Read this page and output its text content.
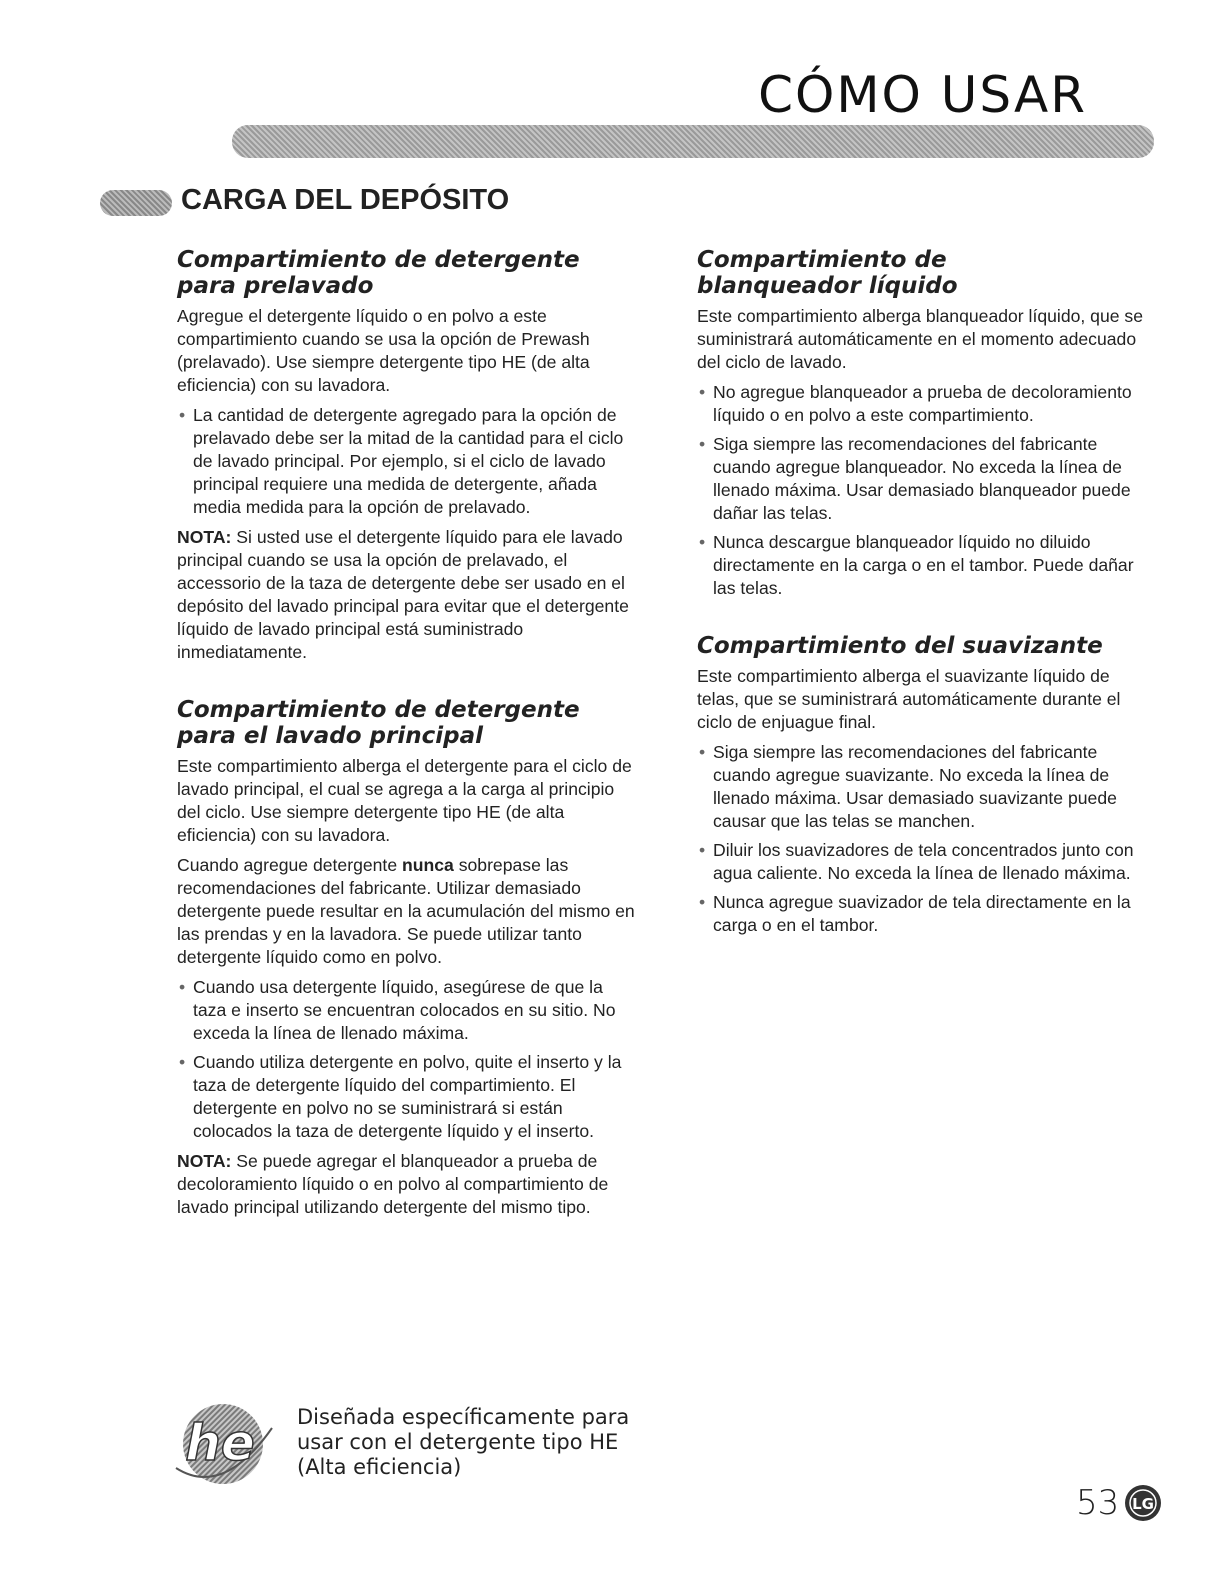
CÓMO USAR
CARGA DEL DEPÓSITO
Compartimiento de detergente
para prelavado

Agregue el detergente líquido o en polvo a este compartimiento cuando se usa la opción de Prewash (prelavado). Use siempre detergente tipo HE (de alta eficiencia) con su lavadora.

• La cantidad de detergente agregado para la opción de prelavado debe ser la mitad de la cantidad para el ciclo de lavado principal. Por ejemplo, si el ciclo de lavado principal requiere una medida de detergente, añada media medida para la opción de prelavado.

NOTA: Si usted use el detergente líquido para ele lavado principal cuando se usa la opción de prelavado, el accessorio de la taza de detergente debe ser usado en el depósito del lavado principal para evitar que el detergente líquido de lavado principal está suministrado inmediatamente.

Compartimiento de detergente
para el lavado principal

Este compartimiento alberga el detergente para el ciclo de lavado principal, el cual se agrega a la carga al principio del ciclo. Use siempre detergente tipo HE (de alta eficiencia) con su lavadora.

Cuando agregue detergente nunca sobrepase las recomendaciones del fabricante. Utilizar demasiado detergente puede resultar en la acumulación del mismo en las prendas y en la lavadora. Se puede utilizar tanto detergente líquido como en polvo.

• Cuando usa detergente líquido, asegúrese de que la taza e inserto se encuentran colocados en su sitio. No exceda la línea de llenado máxima.
• Cuando utiliza detergente en polvo, quite el inserto y la taza de detergente líquido del compartimiento. El detergente en polvo no se suministrará si están colocados la taza de detergente líquido y el inserto.

NOTA: Se puede agregar el blanqueador a prueba de decoloramiento líquido o en polvo al compartimiento de lavado principal utilizando detergente del mismo tipo.

Compartimiento de
blanqueador líquido

Este compartimiento alberga blanqueador líquido, que se suministrará automáticamente en el momento adecuado del ciclo de lavado.

• No agregue blanqueador a prueba de decoloramiento líquido o en polvo a este compartimiento.
• Siga siempre las recomendaciones del fabricante cuando agregue blanqueador. No exceda la línea de llenado máxima. Usar demasiado blanqueador puede dañar las telas.
• Nunca descargue blanqueador líquido no diluido directamente en la carga o en el tambor. Puede dañar las telas.
Compartimiento del suavizante

Este compartimiento alberga el suavizante líquido de telas, que se suministrará automáticamente durante el ciclo de enjuague final.

• Siga siempre las recomendaciones del fabricante cuando agregue suavizante. No exceda la línea de llenado máxima. Usar demasiado suavizante puede causar que las telas se manchen.
• Diluir los suavizadores de tela concentrados junto con agua caliente. No exceda la línea de llenado máxima.
• Nunca agregue suavizador de tela directamente en la carga o en el tambor.
he Diseñada específicamente para
usar con el detergente tipo HE
(Alta eficiencia)
53 LG
